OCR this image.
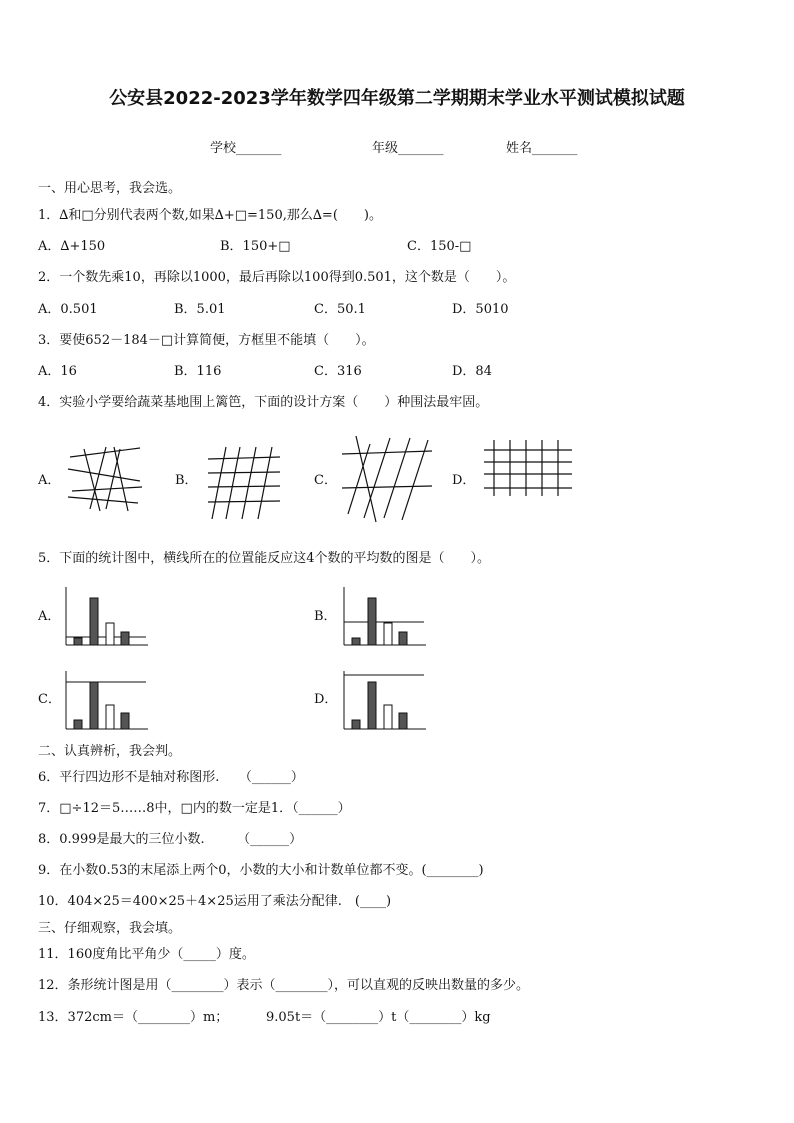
公安县2022-2023学年数学四年级第二学期期末学业水平测试模拟试题
学校_______	年级_______	姓名_______
一、用心思考，我会选。
1．∆和□分别代表两个数,如果∆+□=150,那么∆=(　　)。
A．∆+150	B．150+□	C．150-□
2．一个数先乘10，再除以1000，最后再除以100得到0.501，这个数是（　　）。
A．0.501	B．5.01	C．50.1	D．5010
3．要使652－184－□计算简便，方框里不能填（　　）。
A．16	B．116	C．316	D．84
4．实验小学要给蔬菜基地围上篱笆，下面的设计方案（　　）种围法最牢固。
A．	B．	C．	D．
5．下面的统计图中，横线所在的位置能反应这4个数的平均数的图是（　　）。
A．	B．
C．	D．
二、认真辨析，我会判。
6．平行四边形不是轴对称图形.　　（______）
7．□÷12＝5……8中，□内的数一定是1．（______）
8．0.999是最大的三位小数.　　　（______）
9．在小数0.53的末尾添上两个0，小数的大小和计数单位都不变。(________)
10．404×25＝400×25＋4×25运用了乘法分配律.　(____)
三、仔细观察，我会填。
11．160度角比平角少（_____）度。
12．条形统计图是用（________）表示（________），可以直观的反映出数量的多少。
13．372cm＝（________）m；	9.05t＝（________）t（________）kg
